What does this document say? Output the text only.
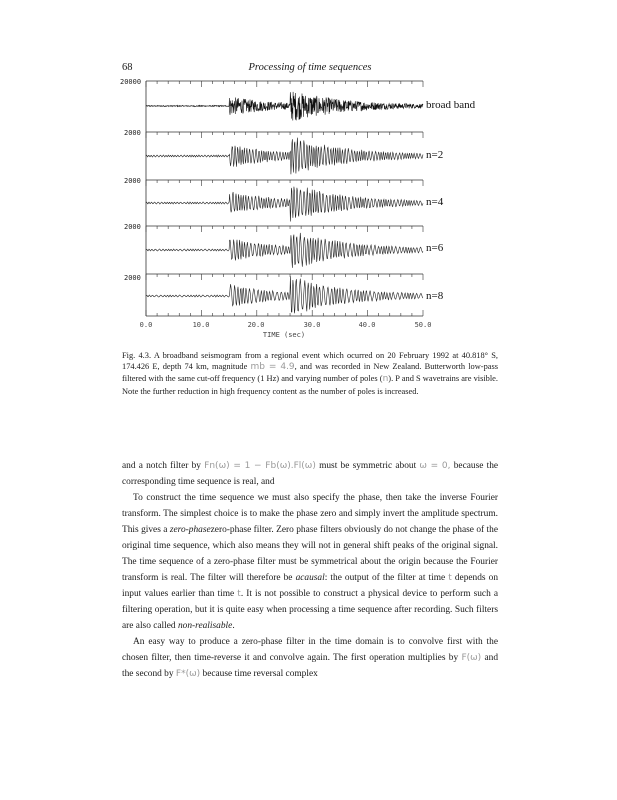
68	Processing of time sequences
20000
2000
2000
2000
2000
broad band
n=2
n=4
n=6
n=8
0.0	10.0	20.0	30.0	40.0	50.0
TIME (sec)
Fig. 4.3. A broadband seismogram from a regional event which ocurred on 20 February 1992 at 40.818° S, 174.426 E, depth 74 km, magnitude mb = 4.9, and was recorded in New Zealand. Butterworth low-pass filtered with the same cut-off frequency (1 Hz) and varying number of poles (n). P and S wavetrains are visible. Note the further reduction in high frequency content as the number of poles is increased.

and a notch filter by Fn(ω) = 1 − Fb(ω).Fl(ω) must be symmetric about ω = 0, because the corresponding time sequence is real, and

To construct the time sequence we must also specify the phase, then take the inverse Fourier transform. The simplest choice is to make the phase zero and simply invert the amplitude spectrum. This gives a zero-phasezero-phase filter. Zero phase filters obviously do not change the phase of the original time sequence, which also means they will not in general shift peaks of the original signal. The time sequence of a zero-phase filter must be symmetrical about the origin because the Fourier transform is real. The filter will therefore be acausal: the output of the filter at time t depends on input values earlier than time t. It is not possible to construct a physical device to perform such a filtering operation, but it is quite easy when processing a time sequence after recording. Such filters are also called non-realisable.

An easy way to produce a zero-phase filter in the time domain is to convolve first with the chosen filter, then time-reverse it and convolve again. The first operation multiplies by F(ω) and the second by F*(ω) because time reversal complex
